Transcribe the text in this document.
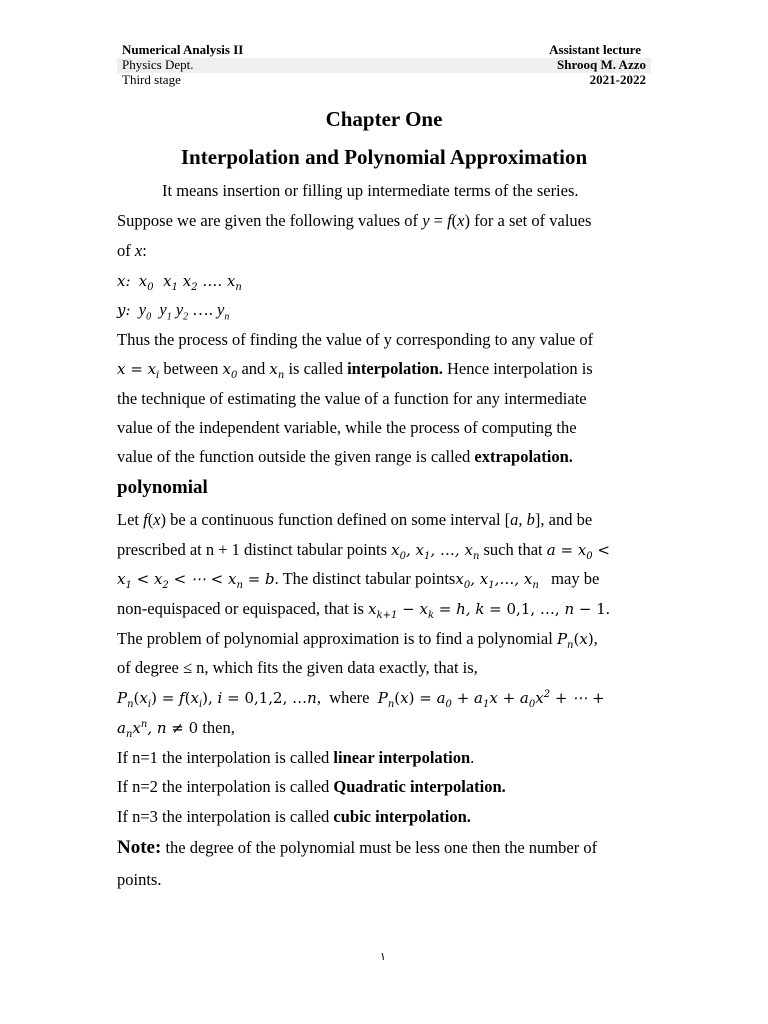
Numerical Analysis II	Assistant lecture
Physics Dept.	Shrooq M. Azzo
Third stage	2021-2022
Chapter One
Interpolation and Polynomial Approximation
It means insertion or filling up intermediate terms of the series.
Suppose we are given the following values of y = f(x) for a set of values
of x:
x: $x_0$  $x_1$ $x_2$ …. $x_n$
y: $y_0$ $y_1$ $y_2$ …. $y_n$
Thus the process of finding the value of y corresponding to any value of
$x = x_i$ between $x_0$ and $x_n$ is called interpolation. Hence interpolation is
the technique of estimating the value of a function for any intermediate
value of the independent variable, while the process of computing the
value of the function outside the given range is called extrapolation.
polynomial
Let f(x) be a continuous function defined on some interval [a, b], and be
prescribed at n + 1 distinct tabular points $x_0$, $x_1$, …, $x_n$ such that $a = x_0$ <
$x_1 < x_2$ < ⋯ < $x_n = b$. The distinct tabular pointsx$_0$, $x_1,\dots$, $x_n$ may be
non-equispaced or equispaced, that is $x_{k+1} - x_k = h$, k = 0,1, …, n − 1.
The problem of polynomial approximation is to find a polynomial $P_n(x)$,
of degree ≤ n, which fits the given data exactly, that is,
$P_n(x_i) = f(x_i)$, i = 0,1,2, …n,  where $P_n(x) = a_0 + a_1x + a_0x^2$ + ⋯ +
$a_nx^n$, n ≠ 0 then,
If n=1 the interpolation is called linear interpolation.
If n=2 the interpolation is called Quadratic interpolation.
If n=3 the interpolation is called cubic interpolation.
Note: the degree of the polynomial must be less one then the number of
points.
١
